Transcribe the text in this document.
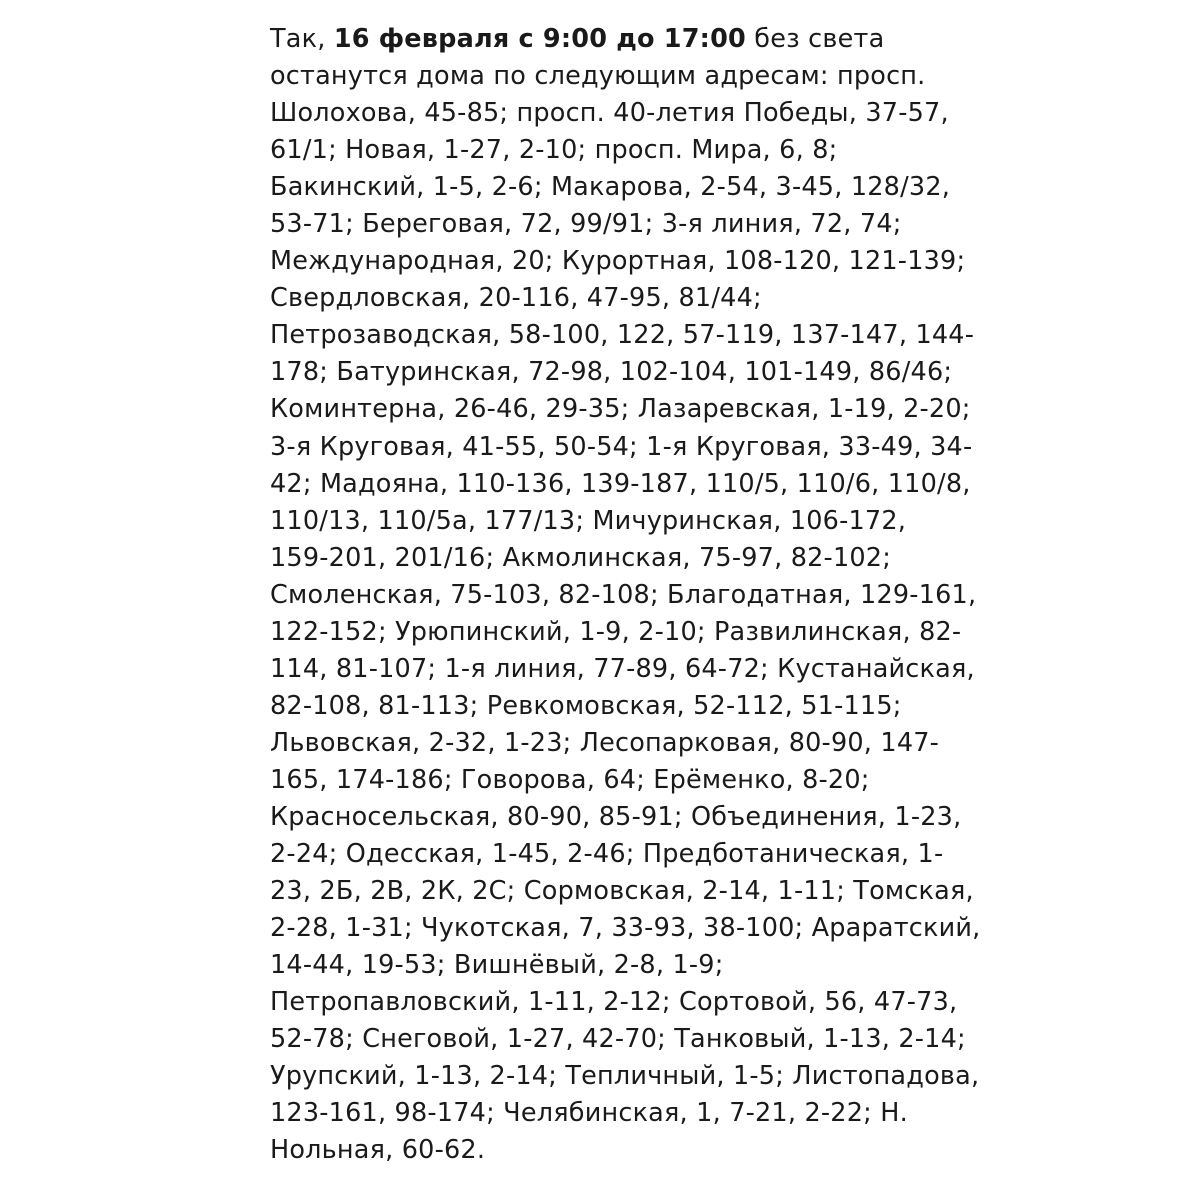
Так, 16 февраля с 9:00 до 17:00 без света
останутся дома по следующим адресам: просп.
Шолохова, 45-85; просп. 40-летия Победы, 37-57,
61/1; Новая, 1-27, 2-10; просп. Мира, 6, 8;
Бакинский, 1-5, 2-6; Макарова, 2-54, 3-45, 128/32,
53-71; Береговая, 72, 99/91; 3-я линия, 72, 74;
Международная, 20; Курортная, 108-120, 121-139;
Свердловская, 20-116, 47-95, 81/44;
Петрозаводская, 58-100, 122, 57-119, 137-147, 144-
178; Батуринская, 72-98, 102-104, 101-149, 86/46;
Коминтерна, 26-46, 29-35; Лазаревская, 1-19, 2-20;
3-я Круговая, 41-55, 50-54; 1-я Круговая, 33-49, 34-
42; Мадояна, 110-136, 139-187, 110/5, 110/6, 110/8,
110/13, 110/5а, 177/13; Мичуринская, 106-172,
159-201, 201/16; Акмолинская, 75-97, 82-102;
Смоленская, 75-103, 82-108; Благодатная, 129-161,
122-152; Урюпинский, 1-9, 2-10; Развилинская, 82-
114, 81-107; 1-я линия, 77-89, 64-72; Кустанайская,
82-108, 81-113; Ревкомовская, 52-112, 51-115;
Львовская, 2-32, 1-23; Лесопарковая, 80-90, 147-
165, 174-186; Говорова, 64; Ерёменко, 8-20;
Красносельская, 80-90, 85-91; Объединения, 1-23,
2-24; Одесская, 1-45, 2-46; Предботаническая, 1-
23, 2Б, 2В, 2К, 2С; Сормовская, 2-14, 1-11; Томская,
2-28, 1-31; Чукотская, 7, 33-93, 38-100; Араратский,
14-44, 19-53; Вишнёвый, 2-8, 1-9;
Петропавловский, 1-11, 2-12; Сортовой, 56, 47-73,
52-78; Снеговой, 1-27, 42-70; Танковый, 1-13, 2-14;
Урупский, 1-13, 2-14; Тепличный, 1-5; Листопадова,
123-161, 98-174; Челябинская, 1, 7-21, 2-22; Н.
Нольная, 60-62.
